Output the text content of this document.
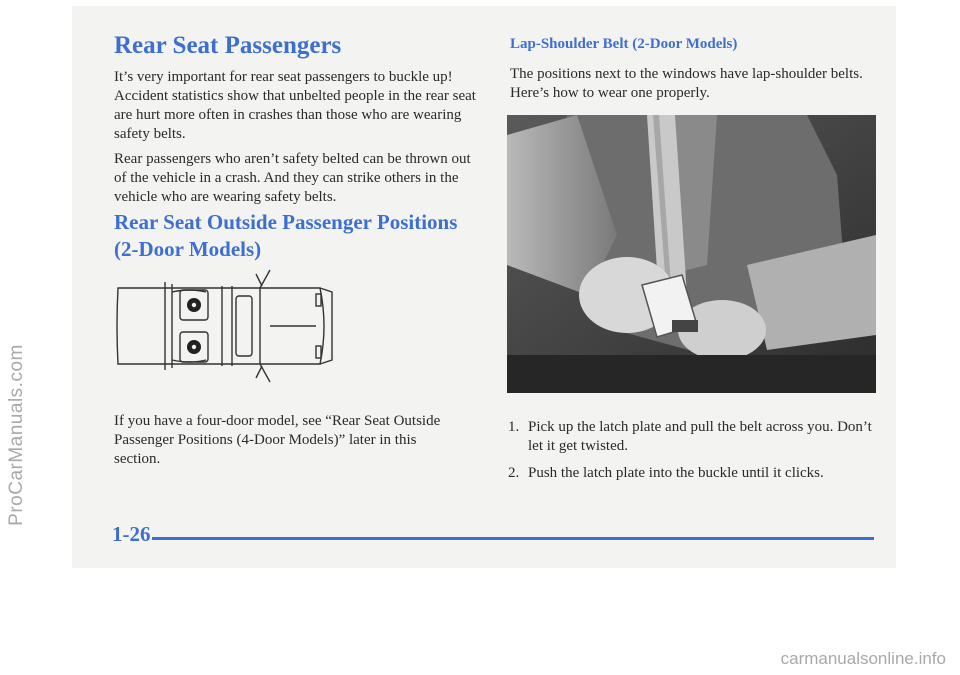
ProCarManuals.com
carmanualsonline.info
Rear Seat Passengers

It’s very important for rear seat passengers to buckle up! Accident statistics show that unbelted people in the rear seat are hurt more often in crashes than those who are wearing safety belts.

Rear passengers who aren’t safety belted can be thrown out of the vehicle in a crash. And they can strike others in the vehicle who are wearing safety belts.

Rear Seat Outside Passenger Positions (2-Door Models)

If you have a four-door model, see “Rear Seat Outside Passenger Positions (4-Door Models)” later in this section.

Lap-Shoulder Belt (2-Door Models)

The positions next to the windows have lap-shoulder belts. Here’s how to wear one properly.

1. Pick up the latch plate and pull the belt across you. Don’t let it get twisted.
2. Push the latch plate into the buckle until it clicks.
1-26
